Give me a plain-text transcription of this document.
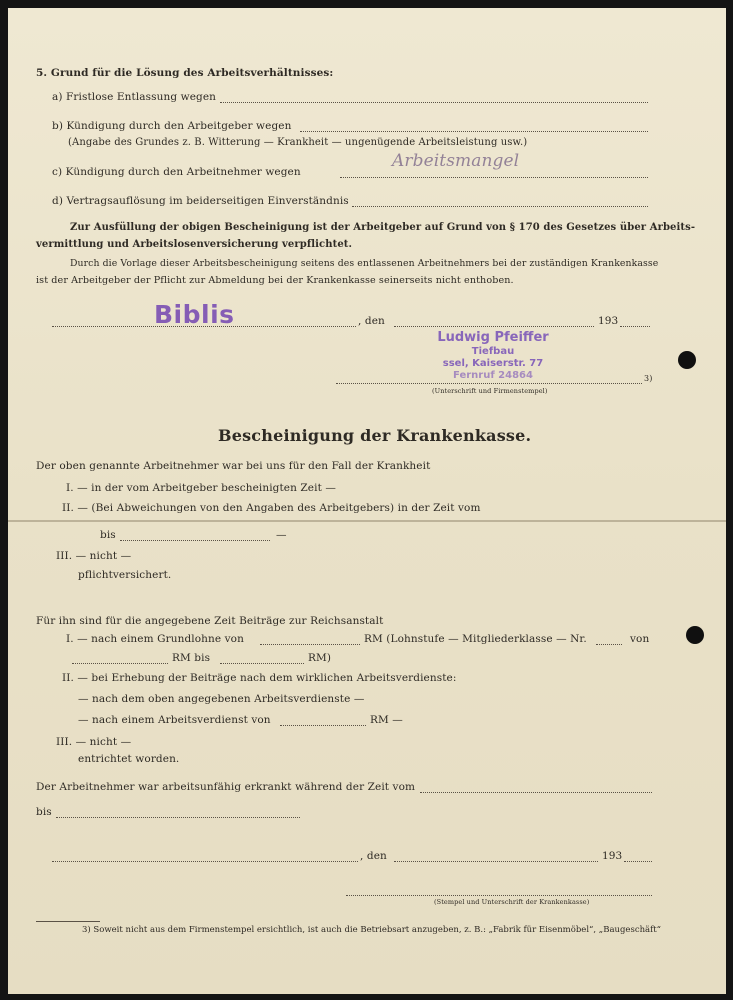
5. Grund für die Lösung des Arbeitsverhältnisses:
a) Fristlose Entlassung wegen
b) Kündigung durch den Arbeitgeber wegen
(Angabe des Grundes z. B. Witterung — Krankheit — ungenügende Arbeitsleistung usw.)
c) Kündigung durch den Arbeitnehmer wegen
Arbeitsmangel
d) Vertragsauflösung im beiderseitigen Einverständnis
Zur Ausfüllung der obigen Bescheinigung ist der Arbeitgeber auf Grund von § 170 des Gesetzes über Arbeits-
vermittlung und Arbeitslosenversicherung verpflichtet.
Durch die Vorlage dieser Arbeitsbescheinigung seitens des entlassenen Arbeitnehmers bei der zuständigen Krankenkasse
ist der Arbeitgeber der Pflicht zur Abmeldung bei der Krankenkasse seinerseits nicht enthoben.
Biblis	, den	193
Ludwig Pfeiffer
Tiefbau
ssel, Kaiserstr. 77
Fernruf 24864	3)
(Unterschrift und Firmenstempel)
Bescheinigung der Krankenkasse.
Der oben genannte Arbeitnehmer war bei uns für den Fall der Krankheit
I. — in der vom Arbeitgeber bescheinigten Zeit —
II. — (Bei Abweichungen von den Angaben des Arbeitgebers) in der Zeit vom
bis	—
III. — nicht —
pflichtversichert.
Für ihn sind für die angegebene Zeit Beiträge zur Reichsanstalt
I. — nach einem Grundlohne von	RM (Lohnstufe — Mitgliederklasse — Nr.	von
RM bis	RM)
II. — bei Erhebung der Beiträge nach dem wirklichen Arbeitsverdienste:
— nach dem oben angegebenen Arbeitsverdienste —
— nach einem Arbeitsverdienst von	RM —
III. — nicht —
entrichtet worden.
Der Arbeitnehmer war arbeitsunfähig erkrankt während der Zeit vom
bis
, den	193
(Stempel und Unterschrift der Krankenkasse)
3) Soweit nicht aus dem Firmenstempel ersichtlich, ist auch die Betriebsart anzugeben, z. B.: „Fabrik für Eisenmöbel“, „Baugeschäft“
